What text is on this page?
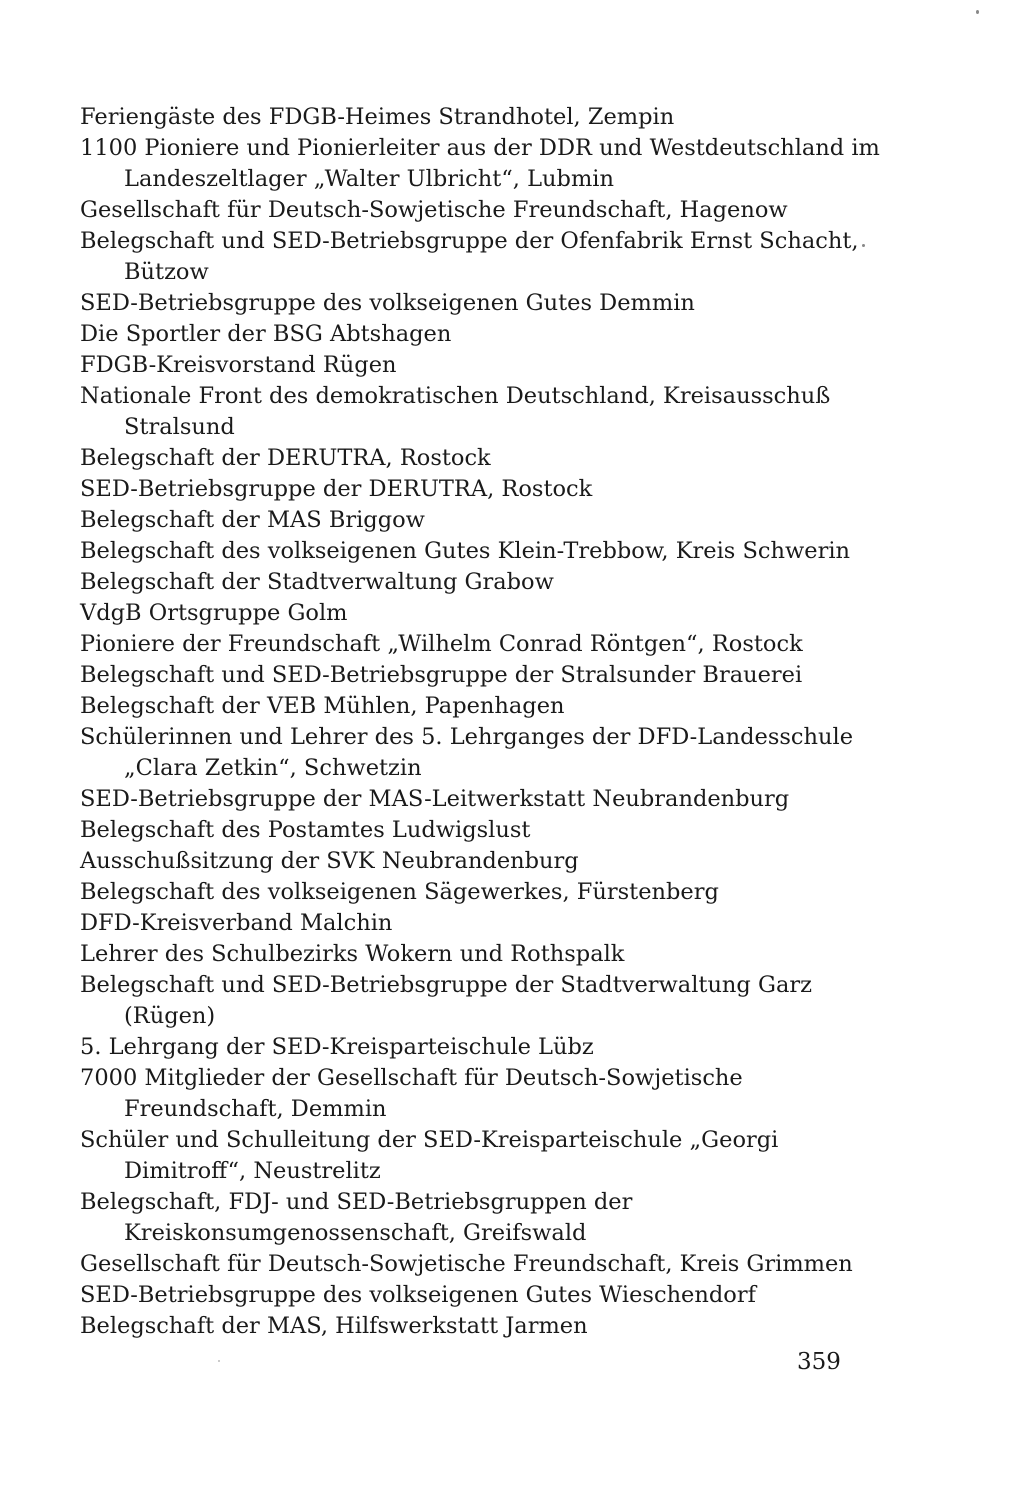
Feriengäste des FDGB-Heimes Strandhotel, Zempin
1100 Pioniere und Pionierleiter aus der DDR und Westdeutschland im Landeszeltlager „Walter Ulbricht“, Lubmin
Gesellschaft für Deutsch-Sowjetische Freundschaft, Hagenow
Belegschaft und SED-Betriebsgruppe der Ofenfabrik Ernst Schacht, Bützow
SED-Betriebsgruppe des volkseigenen Gutes Demmin
Die Sportler der BSG Abtshagen
FDGB-Kreisvorstand Rügen
Nationale Front des demokratischen Deutschland, Kreisausschuß Stralsund
Belegschaft der DERUTRA, Rostock
SED-Betriebsgruppe der DERUTRA, Rostock
Belegschaft der MAS Briggow
Belegschaft des volkseigenen Gutes Klein-Trebbow, Kreis Schwerin
Belegschaft der Stadtverwaltung Grabow
VdgB Ortsgruppe Golm
Pioniere der Freundschaft „Wilhelm Conrad Röntgen“, Rostock
Belegschaft und SED-Betriebsgruppe der Stralsunder Brauerei
Belegschaft der VEB Mühlen, Papenhagen
Schülerinnen und Lehrer des 5. Lehrganges der DFD-Landesschule „Clara Zetkin“, Schwetzin
SED-Betriebsgruppe der MAS-Leitwerkstatt Neubrandenburg
Belegschaft des Postamtes Ludwigslust
Ausschußsitzung der SVK Neubrandenburg
Belegschaft des volkseigenen Sägewerkes, Fürstenberg
DFD-Kreisverband Malchin
Lehrer des Schulbezirks Wokern und Rothspalk
Belegschaft und SED-Betriebsgruppe der Stadtverwaltung Garz (Rügen)
5. Lehrgang der SED-Kreisparteischule Lübz
7000 Mitglieder der Gesellschaft für Deutsch-Sowjetische Freundschaft, Demmin
Schüler und Schulleitung der SED-Kreisparteischule „Georgi Dimitroff“, Neustrelitz
Belegschaft, FDJ- und SED-Betriebsgruppen der Kreiskonsumgenossenschaft, Greifswald
Gesellschaft für Deutsch-Sowjetische Freundschaft, Kreis Grimmen
SED-Betriebsgruppe des volkseigenen Gutes Wieschendorf
Belegschaft der MAS, Hilfswerkstatt Jarmen
359
